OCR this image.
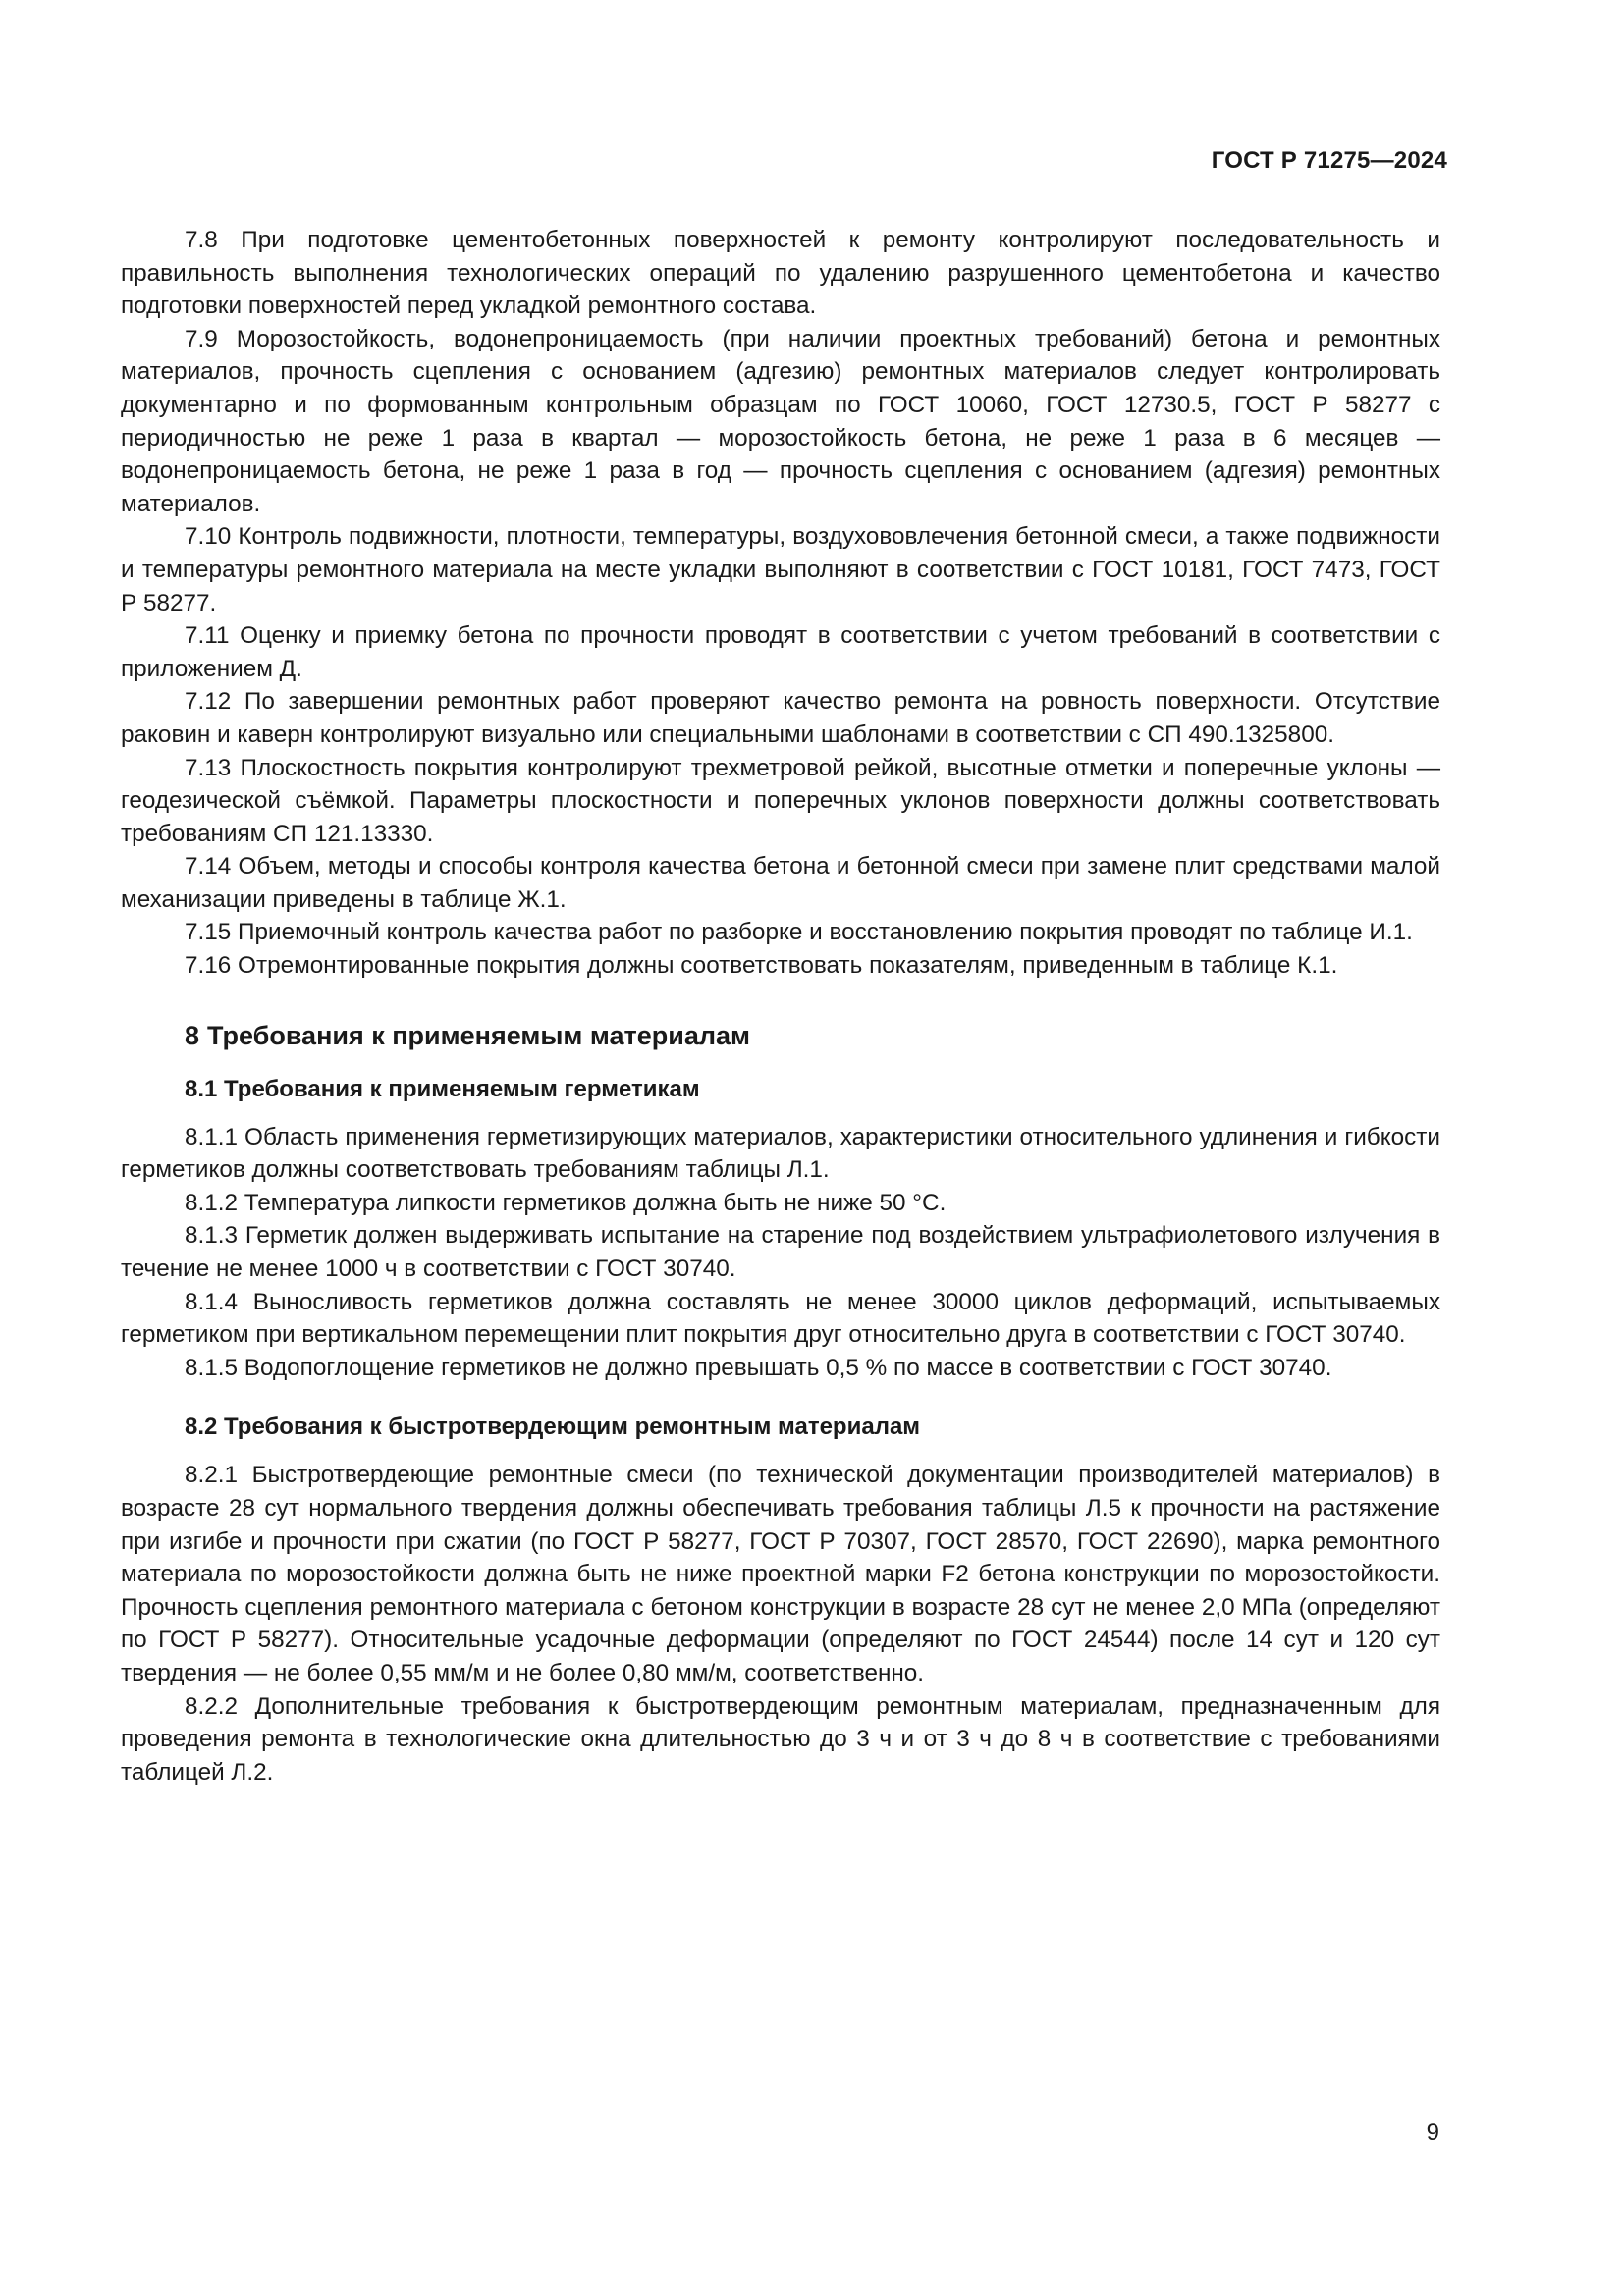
ГОСТ Р 71275—2024

7.8 При подготовке цементобетонных поверхностей к ремонту контролируют последовательность и правильность выполнения технологических операций по удалению разрушенного цементобетона и качество подготовки поверхностей перед укладкой ремонтного состава.

7.9 Морозостойкость, водонепроницаемость (при наличии проектных требований) бетона и ремонтных материалов, прочность сцепления с основанием (адгезию) ремонтных материалов следует контролировать документарно и по формованным контрольным образцам по ГОСТ 10060, ГОСТ 12730.5, ГОСТ Р 58277 с периодичностью не реже 1 раза в квартал — морозостойкость бетона, не реже 1 раза в 6 месяцев — водонепроницаемость бетона, не реже 1 раза в год — прочность сцепления с основанием (адгезия) ремонтных материалов.

7.10 Контроль подвижности, плотности, температуры, воздухововлечения бетонной смеси, а также подвижности и температуры ремонтного материала на месте укладки выполняют в соответствии с ГОСТ 10181, ГОСТ 7473, ГОСТ Р 58277.

7.11 Оценку и приемку бетона по прочности проводят в соответствии с учетом требований в соответствии с приложением Д.

7.12 По завершении ремонтных работ проверяют качество ремонта на ровность поверхности. Отсутствие раковин и каверн контролируют визуально или специальными шаблонами в соответствии с СП 490.1325800.

7.13 Плоскостность покрытия контролируют трехметровой рейкой, высотные отметки и поперечные уклоны — геодезической съёмкой. Параметры плоскостности и поперечных уклонов поверхности должны соответствовать требованиям СП 121.13330.

7.14 Объем, методы и способы контроля качества бетона и бетонной смеси при замене плит средствами малой механизации приведены в таблице Ж.1.

7.15 Приемочный контроль качества работ по разборке и восстановлению покрытия проводят по таблице И.1.

7.16 Отремонтированные покрытия должны соответствовать показателям, приведенным в таблице К.1.

8 Требования к применяемым материалам
8.1 Требования к применяемым герметикам

8.1.1 Область применения герметизирующих материалов, характеристики относительного удлинения и гибкости герметиков должны соответствовать требованиям таблицы Л.1.

8.1.2 Температура липкости герметиков должна быть не ниже 50 °С.

8.1.3 Герметик должен выдерживать испытание на старение под воздействием ультрафиолетового излучения в течение не менее 1000 ч в соответствии с ГОСТ 30740.

8.1.4 Выносливость герметиков должна составлять не менее 30000 циклов деформаций, испытываемых герметиком при вертикальном перемещении плит покрытия друг относительно друга в соответствии с ГОСТ 30740.

8.1.5 Водопоглощение герметиков не должно превышать 0,5 % по массе в соответствии с ГОСТ 30740.

8.2 Требования к быстротвердеющим ремонтным материалам

8.2.1 Быстротвердеющие ремонтные смеси (по технической документации производителей материалов) в возрасте 28 сут нормального твердения должны обеспечивать требования таблицы Л.5 к прочности на растяжение при изгибе и прочности при сжатии (по ГОСТ Р 58277, ГОСТ Р 70307, ГОСТ 28570, ГОСТ 22690), марка ремонтного материала по морозостойкости должна быть не ниже проектной марки F2 бетона конструкции по морозостойкости. Прочность сцепления ремонтного материала с бетоном конструкции в возрасте 28 сут не менее 2,0 МПа (определяют по ГОСТ Р 58277). Относительные усадочные деформации (определяют по ГОСТ 24544) после 14 сут и 120 сут твердения — не более 0,55 мм/м и не более 0,80 мм/м, соответственно.

8.2.2 Дополнительные требования к быстротвердеющим ремонтным материалам, предназначенным для проведения ремонта в технологические окна длительностью до 3 ч и от 3 ч до 8 ч в соответствие с требованиями таблицей Л.2.

9
